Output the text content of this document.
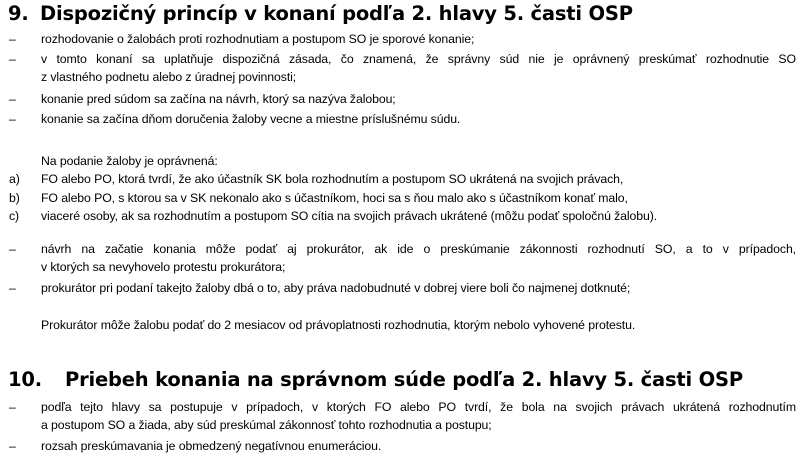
9. Dispozičný princíp v konaní podľa 2. hlavy 5. časti OSP
– rozhodovanie o žalobách proti rozhodnutiam a postupom SO je sporové konanie;
– v tomto konaní sa uplatňuje dispozičná zásada, čo znamená, že správny súd nie je oprávnený preskúmať rozhodnutie SO
z vlastného podnetu alebo z úradnej povinnosti;
– konanie pred súdom sa začína na návrh, ktorý sa nazýva žalobou;
– konanie sa začína dňom doručenia žaloby vecne a miestne príslušnému súdu.
Na podanie žaloby je oprávnená:
a) FO alebo PO, ktorá tvrdí, že ako účastník SK bola rozhodnutím a postupom SO ukrátená na svojich právach,
b) FO alebo PO, s ktorou sa v SK nekonalo ako s účastníkom, hoci sa s ňou malo ako s účastníkom konať malo,
c) viaceré osoby, ak sa rozhodnutím a postupom SO cítia na svojich právach ukrátené (môžu podať spoločnú žalobu).
– návrh na začatie konania môže podať aj prokurátor, ak ide o preskúmanie zákonnosti rozhodnutí SO, a to v prípadoch,
v ktorých sa nevyhovelo protestu prokurátora;
– prokurátor pri podaní takejto žaloby dbá o to, aby práva nadobudnuté v dobrej viere boli čo najmenej dotknuté;
Prokurátor môže žalobu podať do 2 mesiacov od právoplatnosti rozhodnutia, ktorým nebolo vyhovené protestu.
10. Priebeh konania na správnom súde podľa 2. hlavy 5. časti OSP
– podľa tejto hlavy sa postupuje v prípadoch, v ktorých FO alebo PO tvrdí, že bola na svojich právach ukrátená rozhodnutím
a postupom SO a žiada, aby súd preskúmal zákonnosť tohto rozhodnutia a postupu;
– rozsah preskúmavania je obmedzený negatívnou enumeráciou.
